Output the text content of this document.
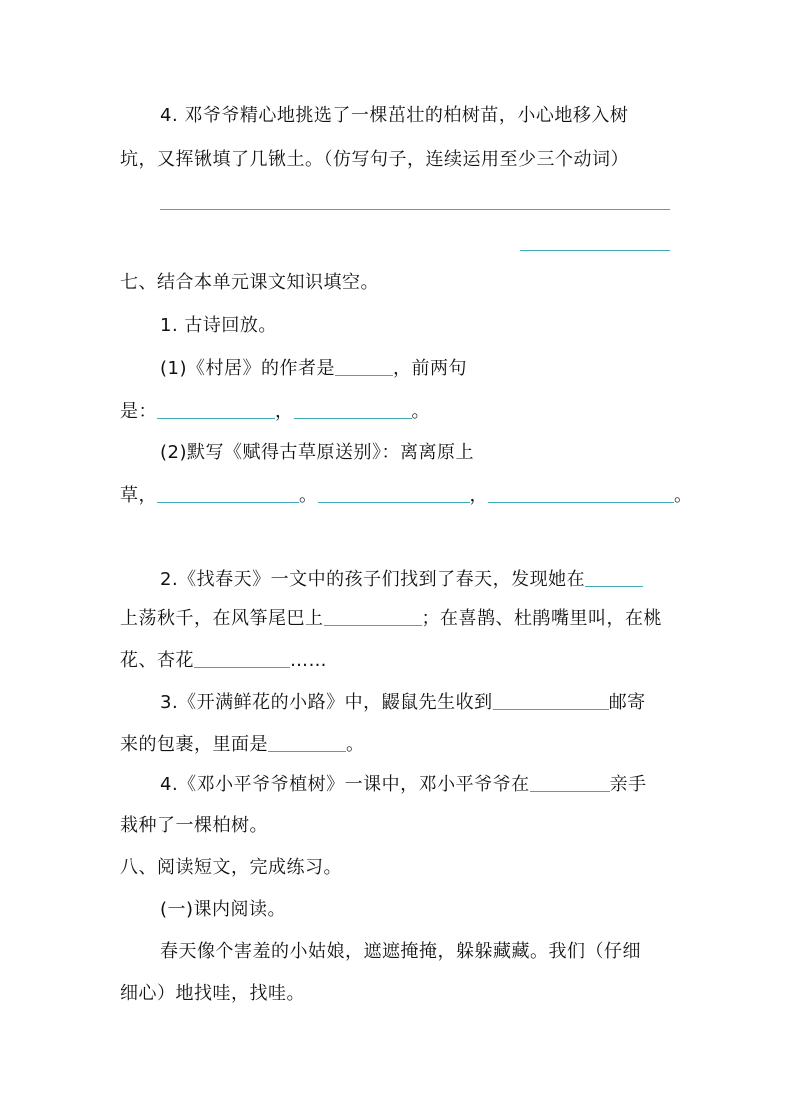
4. 邓爷爷精心地挑选了一棵茁壮的柏树苗，小心地移入树
坑，又挥锹填了几锹土。（仿写句子，连续运用至少三个动词）
七、结合本单元课文知识填空。
1. 古诗回放。
(1)《村居》的作者是	，前两句
是：	，	。
(2)默写《赋得古草原送别》：离离原上
草，	。	，	。
2.《找春天》一文中的孩子们找到了春天，发现她在
上荡秋千，在风筝尾巴上	；在喜鹊、杜鹃嘴里叫，在桃
花、杏花	……
3.《开满鲜花的小路》中，鼹鼠先生收到	邮寄
来的包裹，里面是	。
4.《邓小平爷爷植树》一课中，邓小平爷爷在	亲手
栽种了一棵柏树。
八、阅读短文，完成练习。
(一)课内阅读。
春天像个害羞的小姑娘，遮遮掩掩，躲躲藏藏。我们（仔细
细心）地找哇，找哇。
